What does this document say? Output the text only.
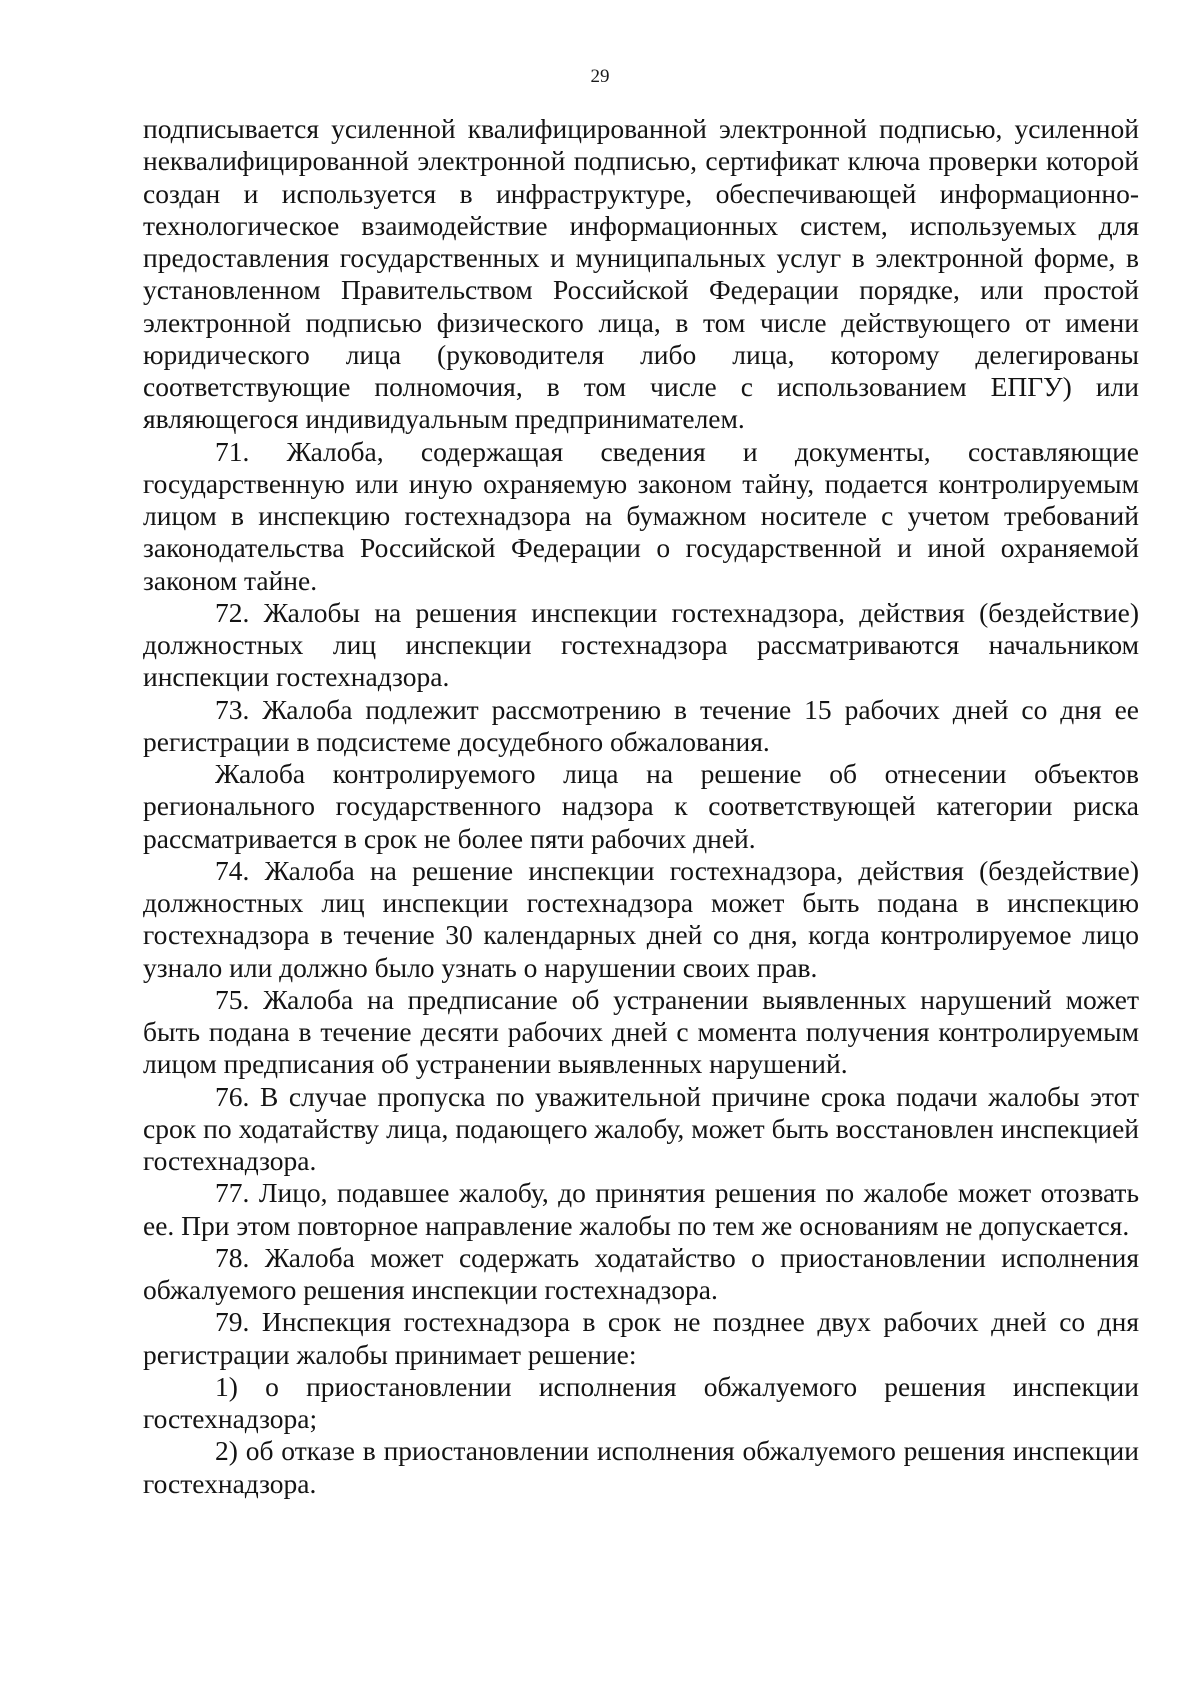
29

подписывается усиленной квалифицированной электронной подписью, усиленной неквалифицированной электронной подписью, сертификат ключа проверки которой создан и используется в инфраструктуре, обеспечивающей информационно-технологическое взаимодействие информационных систем, используемых для предоставления государственных и муниципальных услуг в электронной форме, в установленном Правительством Российской Федерации порядке, или простой электронной подписью физического лица, в том числе действующего от имени юридического лица (руководителя либо лица, которому делегированы соответствующие полномочия, в том числе с использованием ЕПГУ) или являющегося индивидуальным предпринимателем.

71. Жалоба, содержащая сведения и документы, составляющие государственную или иную охраняемую законом тайну, подается контролируемым лицом в инспекцию гостехнадзора на бумажном носителе с учетом требований законодательства Российской Федерации о государственной и иной охраняемой законом тайне.

72. Жалобы на решения инспекции гостехнадзора, действия (бездействие) должностных лиц инспекции гостехнадзора рассматриваются начальником инспекции гостехнадзора.

73. Жалоба подлежит рассмотрению в течение 15 рабочих дней со дня ее регистрации в подсистеме досудебного обжалования.

Жалоба контролируемого лица на решение об отнесении объектов регионального государственного надзора к соответствующей категории риска рассматривается в срок не более пяти рабочих дней.

74. Жалоба на решение инспекции гостехнадзора, действия (бездействие) должностных лиц инспекции гостехнадзора может быть подана в инспекцию гостехнадзора в течение 30 календарных дней со дня, когда контролируемое лицо узнало или должно было узнать о нарушении своих прав.

75. Жалоба на предписание об устранении выявленных нарушений может быть подана в течение десяти рабочих дней с момента получения контролируемым лицом предписания об устранении выявленных нарушений.

76. В случае пропуска по уважительной причине срока подачи жалобы этот срок по ходатайству лица, подающего жалобу, может быть восстановлен инспекцией гостехнадзора.

77. Лицо, подавшее жалобу, до принятия решения по жалобе может отозвать ее. При этом повторное направление жалобы по тем же основаниям не допускается.

78. Жалоба может содержать ходатайство о приостановлении исполнения обжалуемого решения инспекции гостехнадзора.

79. Инспекция гостехнадзора в срок не позднее двух рабочих дней со дня регистрации жалобы принимает решение:

1) о приостановлении исполнения обжалуемого решения инспекции гостехнадзора;

2) об отказе в приостановлении исполнения обжалуемого решения инспекции гостехнадзора.
